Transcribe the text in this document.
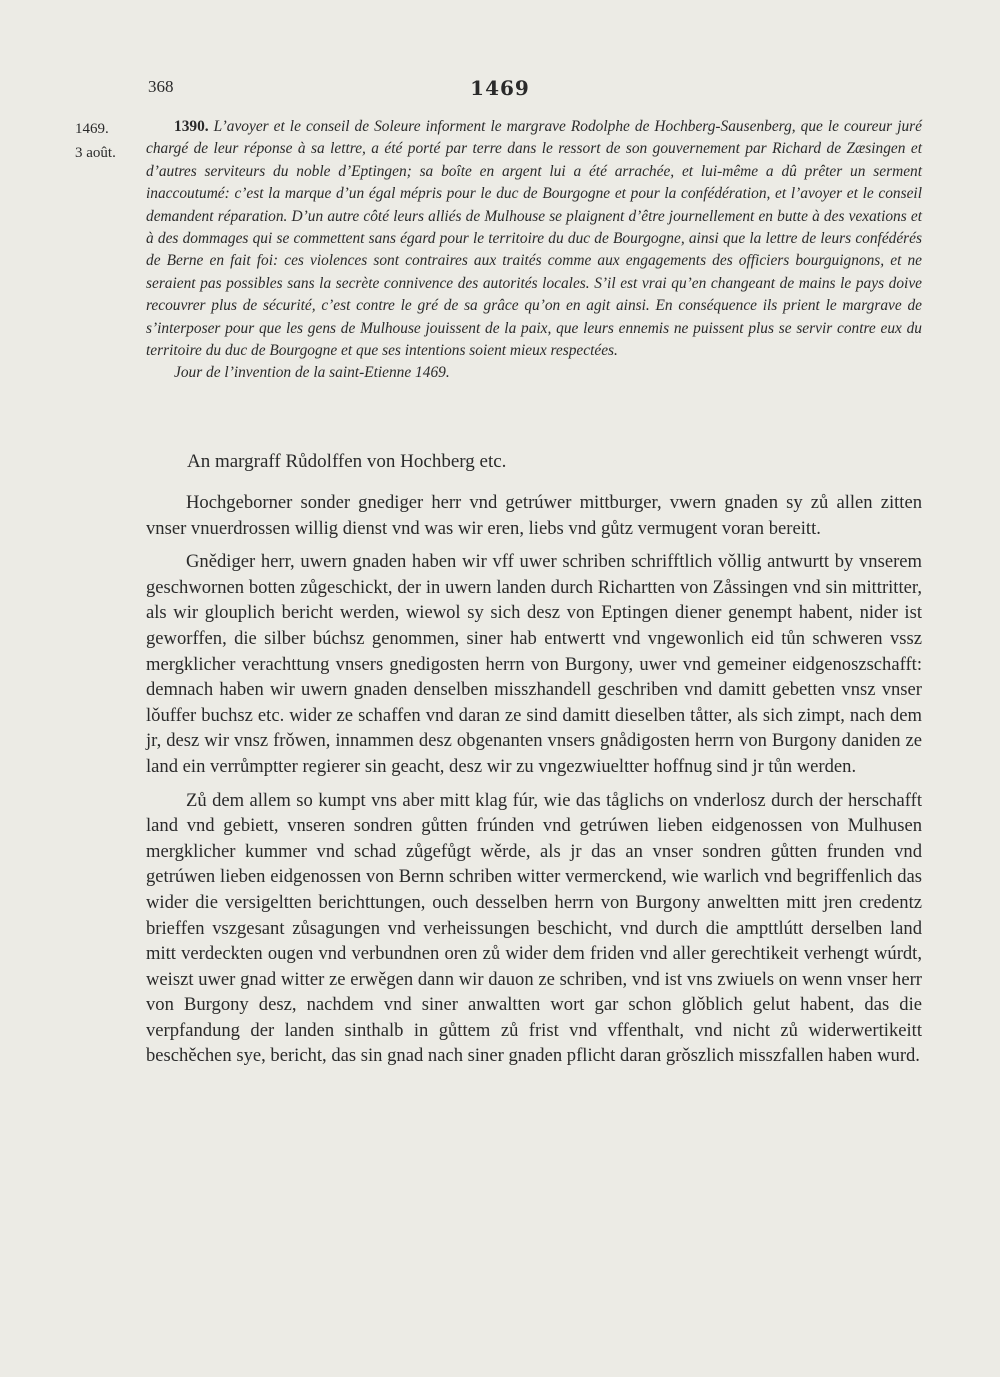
368	1469
1469.
3 août.

1390. L’avoyer et le conseil de Soleure informent le margrave Rodolphe de Hochberg-Sausenberg, que le coureur juré chargé de leur réponse à sa lettre, a été porté par terre dans le ressort de son gouvernement par Richard de Zæsingen et d’autres serviteurs du noble d’Eptingen; sa boîte en argent lui a été arrachée, et lui-même a dû prêter un serment inaccoutumé: c’est la marque d’un égal mépris pour le duc de Bourgogne et pour la confédération, et l’avoyer et le conseil demandent réparation. D’un autre côté leurs alliés de Mulhouse se plaignent d’être journellement en butte à des vexations et à des dommages qui se commettent sans égard pour le territoire du duc de Bourgogne, ainsi que la lettre de leurs confédérés de Berne en fait foi: ces violences sont contraires aux traités comme aux engagements des officiers bourguignons, et ne seraient pas possibles sans la secrète connivence des autorités locales. S’il est vrai qu’en changeant de mains le pays doive recouvrer plus de sécurité, c’est contre le gré de sa grâce qu’on en agit ainsi. En conséquence ils prient le margrave de s’interposer pour que les gens de Mulhouse jouissent de la paix, que leurs ennemis ne puissent plus se servir contre eux du territoire du duc de Bourgogne et que ses intentions soient mieux respectées.

Jour de l’invention de la saint-Etienne 1469.
An margraff Růdolffen von Hochberg etc.

Hochgeborner sonder gnediger herr vnd getrúwer mittburger, vwern gnaden sy zů allen zitten vnser vnuerdrossen willig dienst vnd was wir eren, liebs vnd gůtz vermugent voran bereitt.

Gnědiger herr, uwern gnaden haben wir vff uwer schriben schrifftlich vǒllig antwurtt by vnserem geschwornen botten zůgeschickt, der in uwern landen durch Richartten von Zåssingen vnd sin mittritter, als wir glouplich bericht werden, wiewol sy sich desz von Eptingen diener genempt habent, nider ist geworffen, die silber búchsz genommen, siner hab entwertt vnd vngewonlich eid tůn schweren vssz mergklicher verachttung vnsers gnedigosten herrn von Burgony, uwer vnd gemeiner eidgenoszschafft: demnach haben wir uwern gnaden denselben misszhandell geschriben vnd damitt gebetten vnsz vnser lǒuffer buchsz etc. wider ze schaffen vnd daran ze sind damitt dieselben tåtter, als sich zimpt, nach dem jr, desz wir vnsz frǒwen, innammen desz obgenanten vnsers gnådigosten herrn von Burgony daniden ze land ein verrůmptter regierer sin geacht, desz wir zu vngezwiueltter hoffnug sind jr tůn werden.

Zů dem allem so kumpt vns aber mitt klag fúr, wie das tåglichs on vnderlosz durch der herschafft land vnd gebiett, vnseren sondren gůtten frúnden vnd getrúwen lieben eidgenossen von Mulhusen mergklicher kummer vnd schad zůgefůgt wěrde, als jr das an vnser sondren gůtten frunden vnd getrúwen lieben eidgenossen von Bernn schriben witter vermerckend, wie warlich vnd begriffenlich das wider die versigeltten berichttungen, ouch desselben herrn von Burgony anweltten mitt jren credentz brieffen vszgesant zůsagungen vnd verheissungen beschicht, vnd durch die ampttlútt derselben land mitt verdeckten ougen vnd verbundnen oren zů wider dem friden vnd aller gerechtikeit verhengt wúrdt, weiszt uwer gnad witter ze erwěgen dann wir dauon ze schriben, vnd ist vns zwiuels on wenn vnser herr von Burgony desz, nachdem vnd siner anwaltten wort gar schon glǒblich gelut habent, das die verpfandung der landen sinthalb in gůttem zů frist vnd vffenthalt, vnd nicht zů widerwertikeitt beschěchen sye, bericht, das sin gnad nach siner gnaden pflicht daran grǒszlich misszfallen haben wurd.
